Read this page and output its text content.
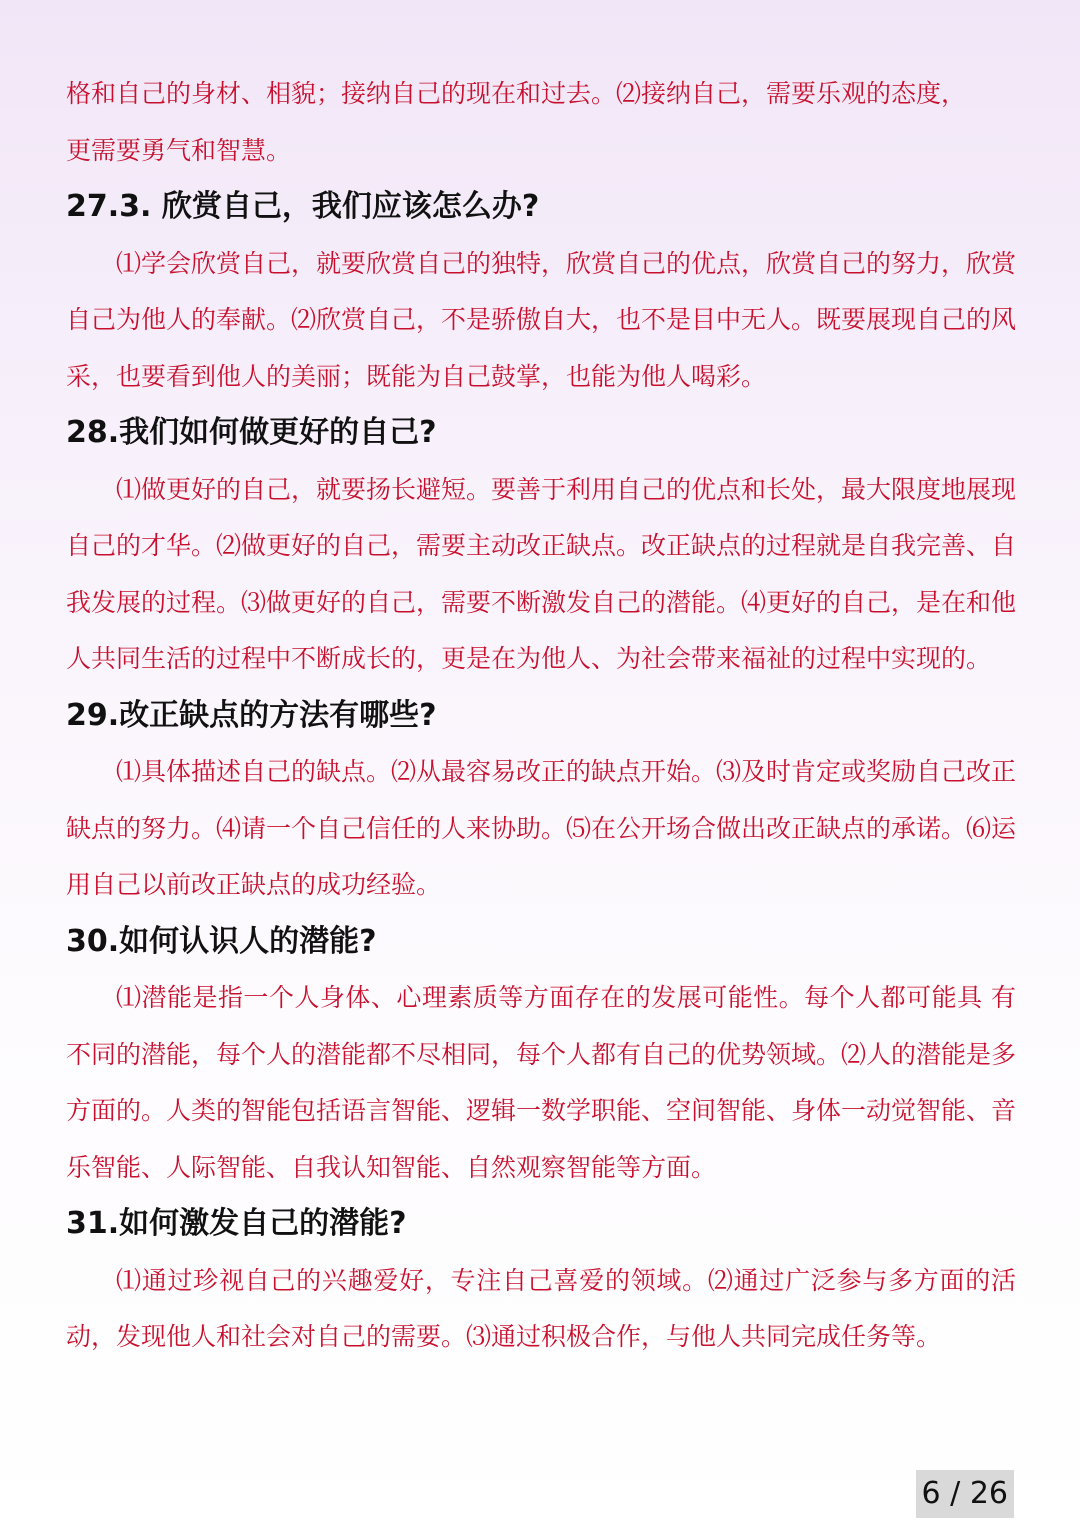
格和自己的身材、相貌；接纳自己的现在和过去。⑵接纳自己，需要乐观的态度，
更需要勇气和智慧。

27.3. 欣赏自己，我们应该怎么办?

⑴学会欣赏自己，就要欣赏自己的独特，欣赏自己的优点，欣赏自己的努力，欣赏自己为他人的奉献。⑵欣赏自己，不是骄傲自大，也不是目中无人。既要展现自己的风采，也要看到他人的美丽；既能为自己鼓掌，也能为他人喝彩。

28.我们如何做更好的自己?

⑴做更好的自己，就要扬长避短。要善于利用自己的优点和长处，最大限度地展现自己的才华。⑵做更好的自己，需要主动改正缺点。改正缺点的过程就是自我完善、自我发展的过程。⑶做更好的自己，需要不断激发自己的潜能。⑷更好的自己，是在和他人共同生活的过程中不断成长的，更是在为他人、为社会带来福祉的过程中实现的。

29.改正缺点的方法有哪些?

⑴具体描述自己的缺点。⑵从最容易改正的缺点开始。⑶及时肯定或奖励自己改正缺点的努力。⑷请一个自己信任的人来协助。⑸在公开场合做出改正缺点的承诺。⑹运用自己以前改正缺点的成功经验。

30.如何认识人的潜能?

⑴潜能是指一个人身体、心理素质等方面存在的发展可能性。每个人都可能具 有不同的潜能，每个人的潜能都不尽相同，每个人都有自己的优势领域。⑵人的潜能是多方面的。人类的智能包括语言智能、逻辑一数学职能、空间智能、身体一动觉智能、音乐智能、人际智能、自我认知智能、自然观察智能等方面。

31.如何激发自己的潜能?

⑴通过珍视自己的兴趣爱好，专注自己喜爱的领域。⑵通过广泛参与多方面的活动，发现他人和社会对自己的需要。⑶通过积极合作，与他人共同完成任务等。

6 / 26
